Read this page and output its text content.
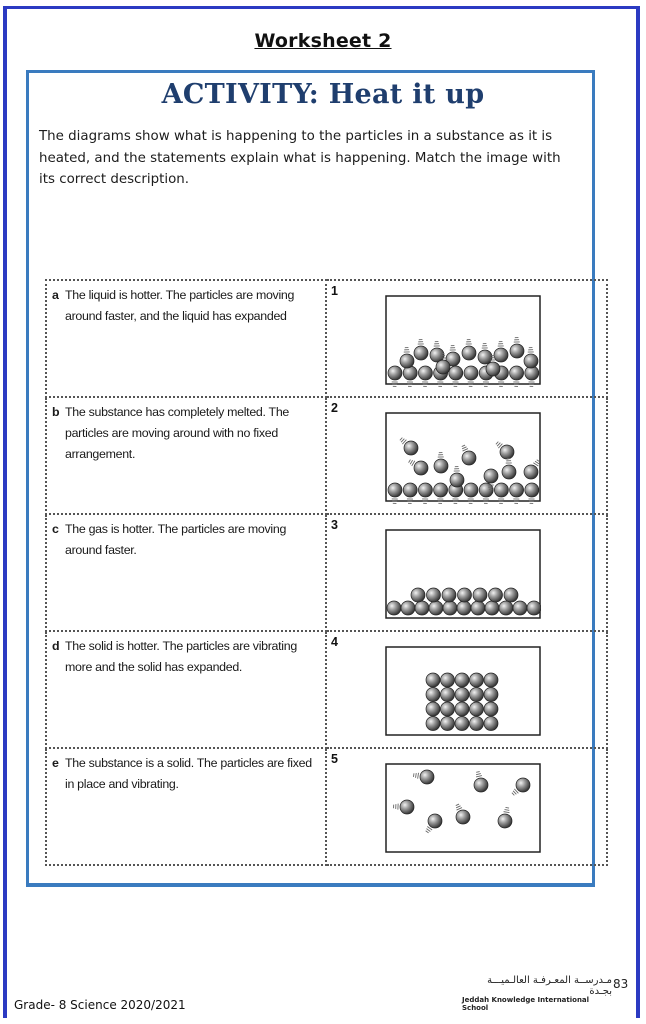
Worksheet 2
ACTIVITY: Heat it up
The diagrams show what is happening to the particles in a substance as it is heated, and the statements explain what is happening. Match the image with its correct description.
a The liquid is hotter. The particles are moving around faster, and the liquid has expanded	1

b The substance has completely melted. The particles are moving around with no fixed arrangement.	2

c The gas is hotter. The particles are moving around faster.	3

d The solid is hotter. The particles are vibrating more and the solid has expanded.	4

e The substance is a solid. The particles are fixed in place and vibrating.	5
مـدرســة المعـرفـة العالـميـــة بجـدة
Jeddah Knowledge International School
83
Grade- 8 Science 2020/2021
